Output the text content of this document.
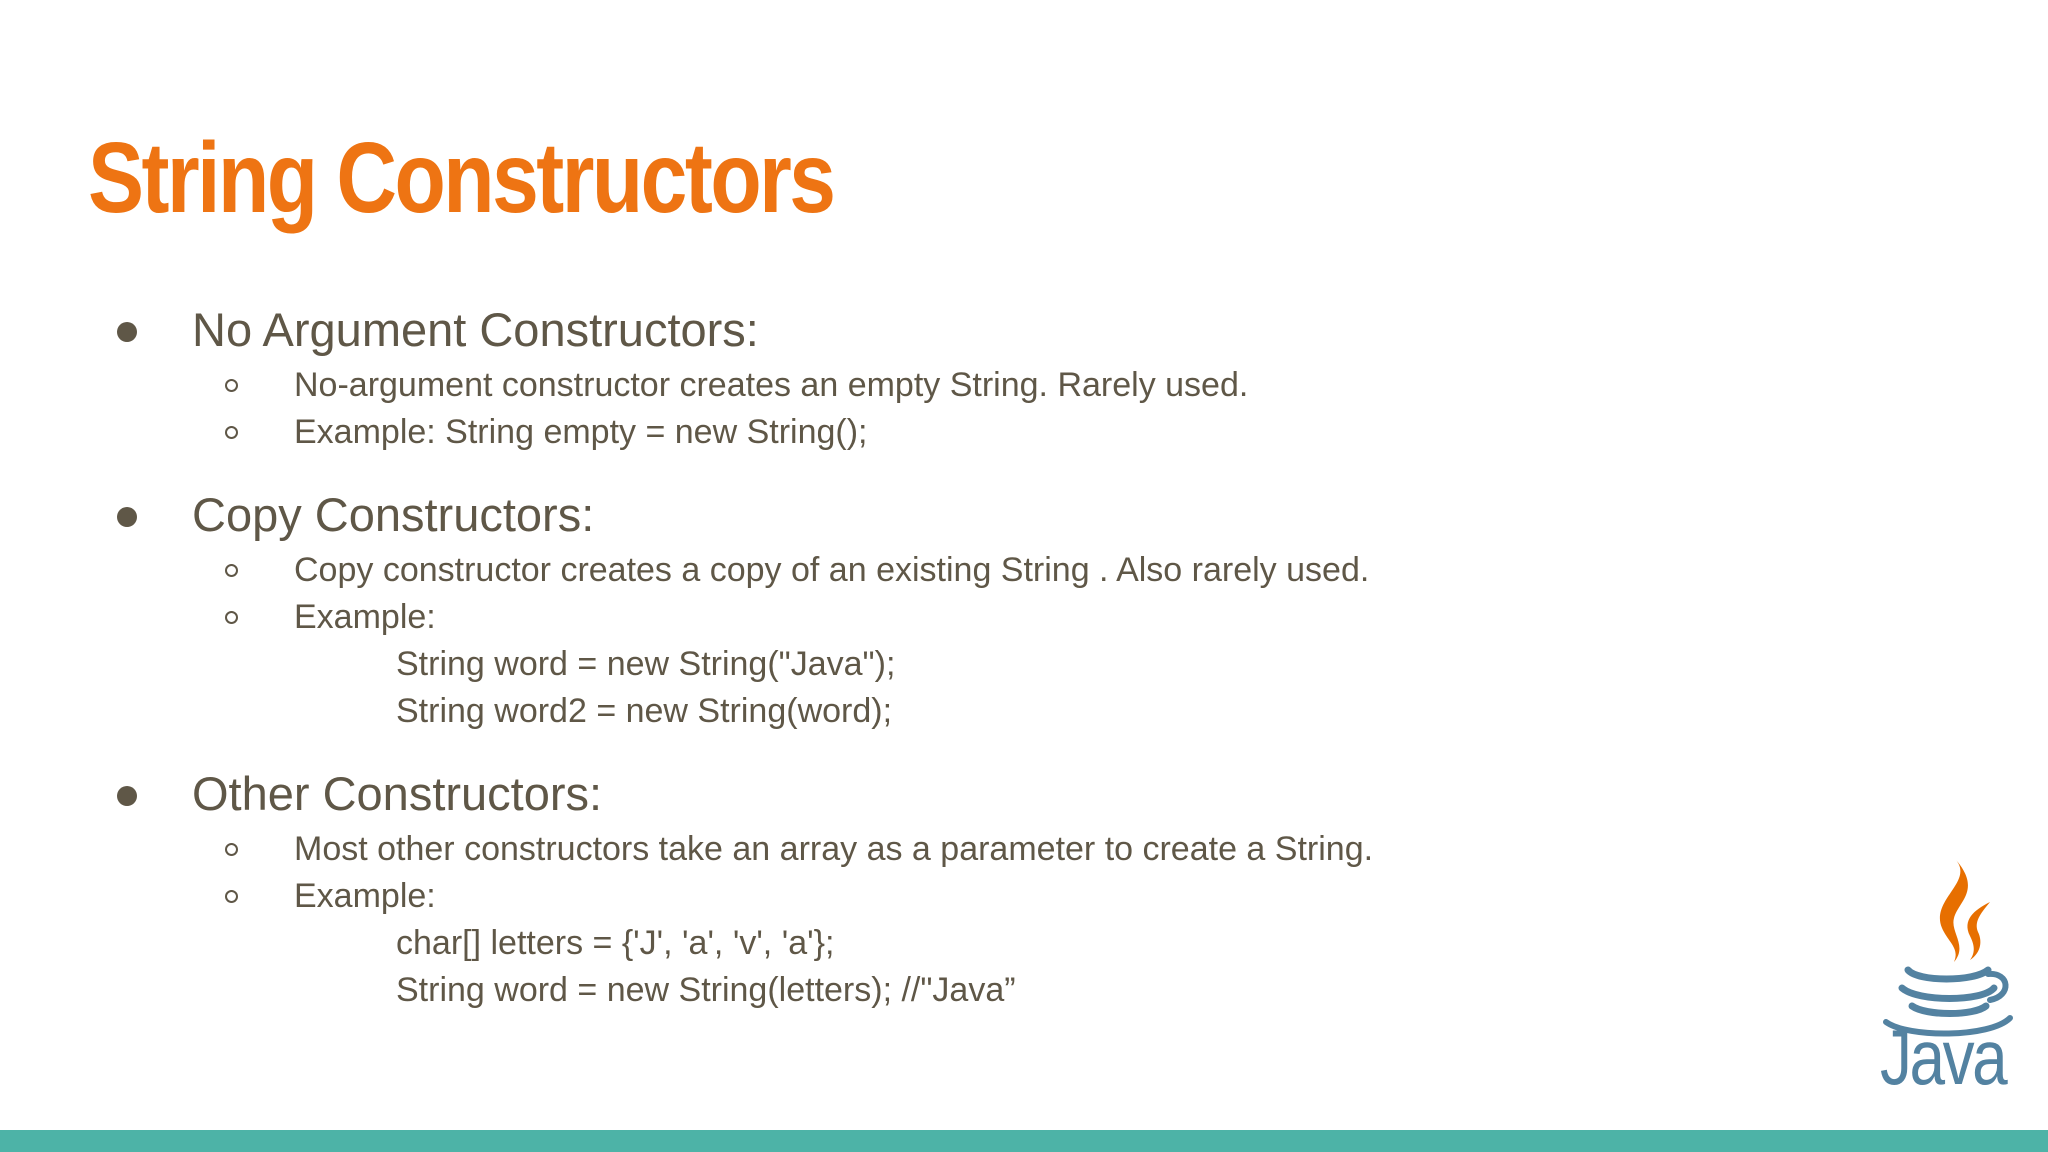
String Constructors
No Argument Constructors:
No-argument constructor creates an empty String. Rarely used.
Example: String empty = new String();
Copy Constructors:
Copy constructor creates a copy of an existing String . Also rarely used.
Example:
String word = new String("Java");
String word2 = new String(word);
Other Constructors:
Most other constructors take an array as a parameter to create a String.
Example:
char[] letters = {'J', 'a', 'v', 'a'};
String word = new String(letters); //"Java”
Java
